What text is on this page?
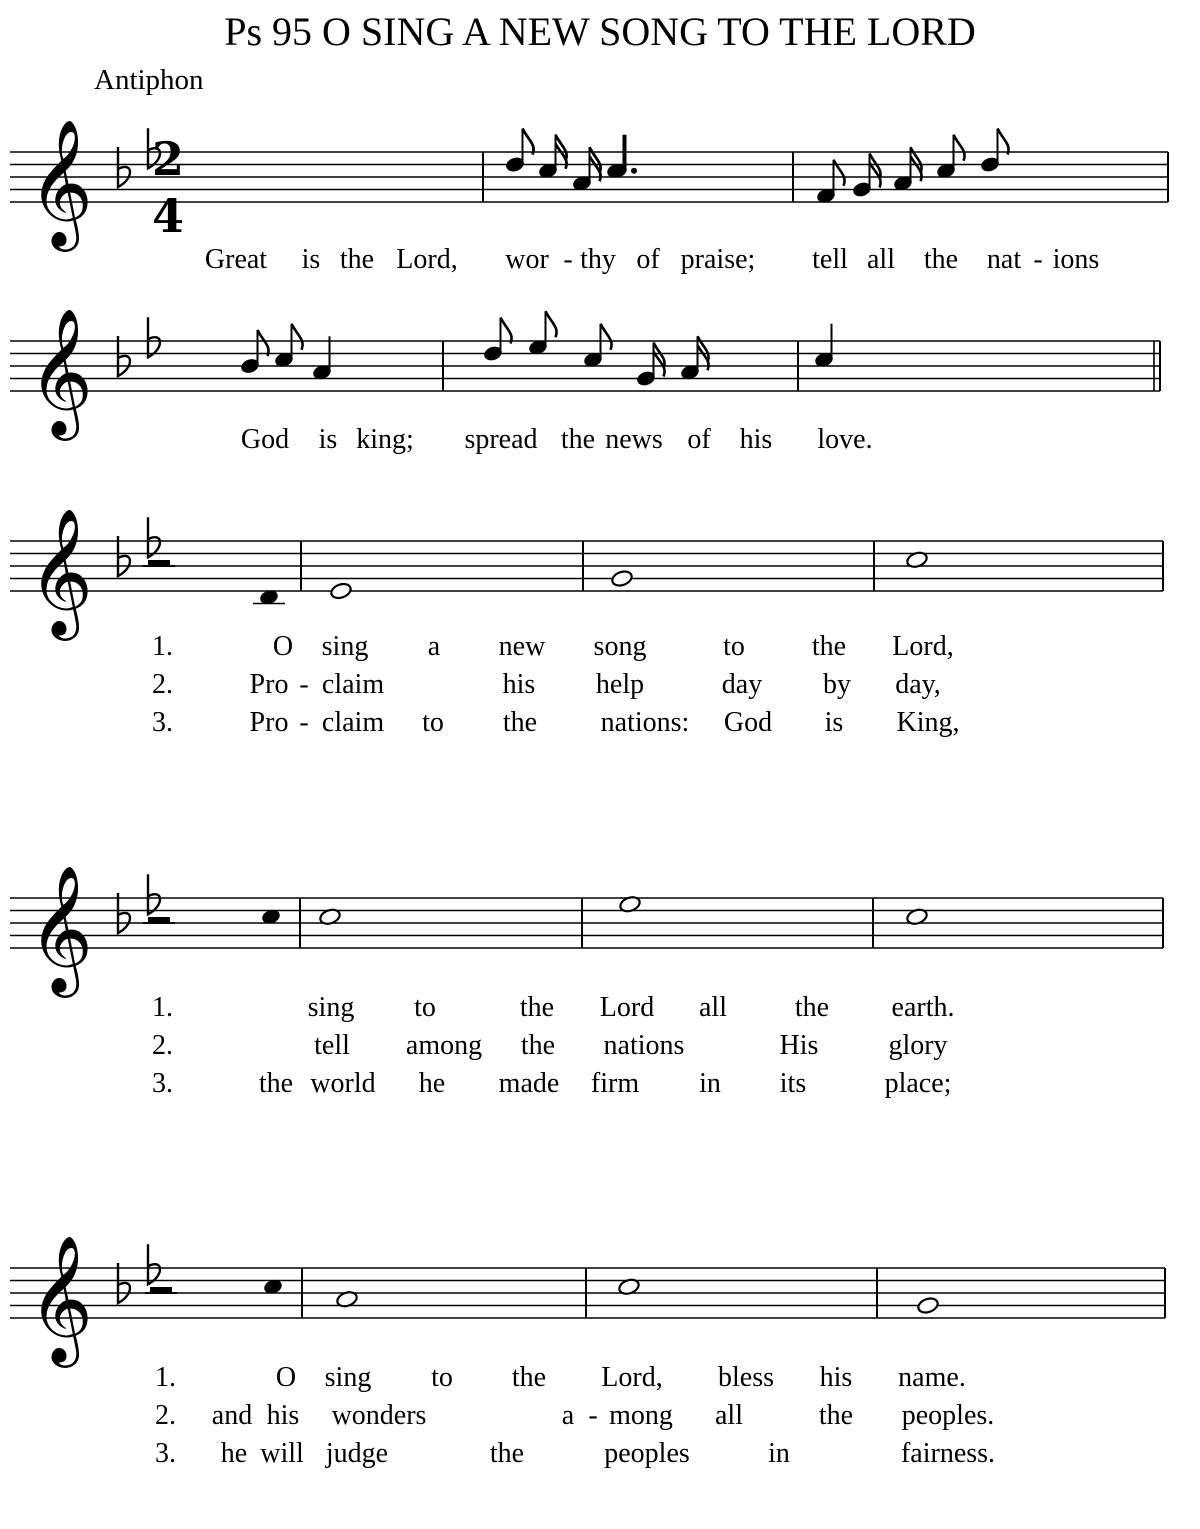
2
4
𝄞
𝄞
𝄞
𝄞
𝄞
Ps 95 O SING A NEW SONG TO THE LORD
Antiphon
Great is the Lord, wor - thy of praise; tell all the nat - ions
God is king; spread the news of his love.
1.
2.
3.
O sing a new song	to the Lord,
Pro - claim	his help	day by day,
Pro - claim to the nations: God is King,
1.
2.
3.
sing to	the Lord all the earth.
tell among the nations	His glory
the world he made firm in its	place;
1.
2.
3.
O sing to the Lord, bless his name.
and his wonders	a - mong all	the peoples.
he will judge	the	peoples	in	fairness.
